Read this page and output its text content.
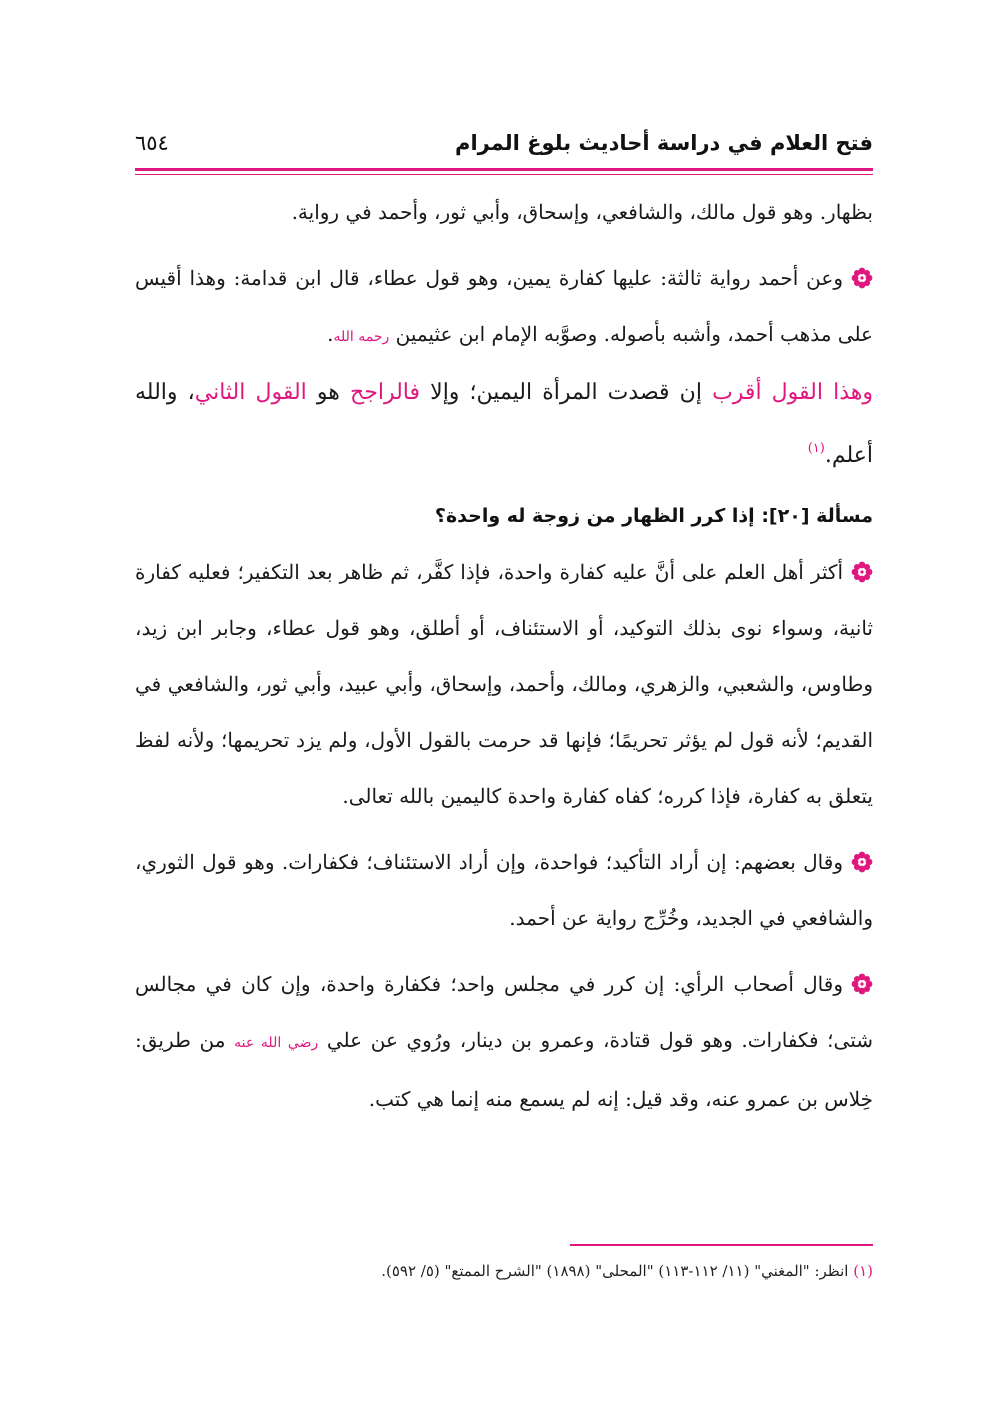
فتح العلام في دراسة أحاديث بلوغ المرام
٦٥٤

بظهار. وهو قول مالك، والشافعي، وإسحاق، وأبي ثور، وأحمد في رواية.

وعن أحمد رواية ثالثة: عليها كفارة يمين، وهو قول عطاء، قال ابن قدامة: وهذا أقيس على مذهب أحمد، وأشبه بأصوله. وصوَّبه الإمام ابن عثيمين رحمه الله.

وهذا القول أقرب إن قصدت المرأة اليمين؛ وإلا فالراجح هو القول الثاني، والله أعلم.$^{(١)}$

مسألة [٢٠]: إذا كرر الظهار من زوجة له واحدة؟

أكثر أهل العلم على أنَّ عليه كفارة واحدة، فإذا كفَّر، ثم ظاهر بعد التكفير؛ فعليه كفارة ثانية، وسواء نوى بذلك التوكيد، أو الاستئناف، أو أطلق، وهو قول عطاء، وجابر ابن زيد، وطاوس، والشعبي، والزهري، ومالك، وأحمد، وإسحاق، وأبي عبيد، وأبي ثور، والشافعي في القديم؛ لأنه قول لم يؤثر تحريمًا؛ فإنها قد حرمت بالقول الأول، ولم يزد تحريمها؛ ولأنه لفظ يتعلق به كفارة، فإذا كرره؛ كفاه كفارة واحدة كاليمين بالله تعالى.

وقال بعضهم: إن أراد التأكيد؛ فواحدة، وإن أراد الاستئناف؛ فكفارات. وهو قول الثوري، والشافعي في الجديد، وخُرِّج رواية عن أحمد.

وقال أصحاب الرأي: إن كرر في مجلس واحد؛ فكفارة واحدة، وإن كان في مجالس شتى؛ فكفارات. وهو قول قتادة، وعمرو بن دينار، ورُوي عن علي رضي الله عنه من طريق: خِلاس بن عمرو عنه، وقد قيل: إنه لم يسمع منه إنما هي كتب.

(١) انظر: "المغني" (١١/ ١١٢-١١٣) "المحلى" (١٨٩٨) "الشرح الممتع" (٥/ ٥٩٢).
